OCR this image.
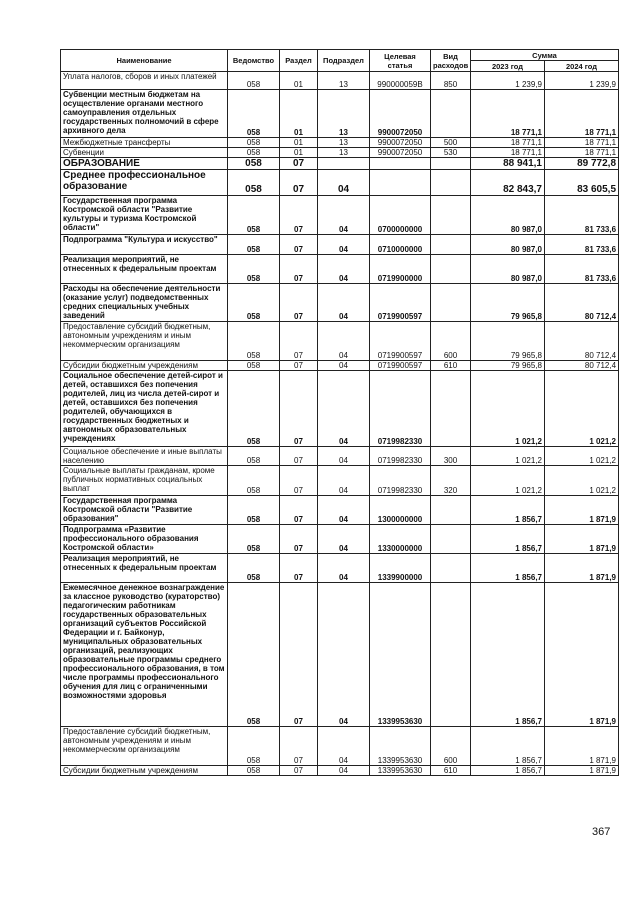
Наименование	Ведомство	Раздел	Подраздел	Целевая статья	Вид расходов	Сумма	
						2023 год	2024 год
Уплата налогов, сборов и иных платежей	058	01	13	990000059В	850	1 239,9	1 239,9
Субвенции местным бюджетам на осуществление органами местного самоуправления отдельных государственных полномочий в сфере архивного дела	058	01	13	9900072050		18 771,1	18 771,1
Межбюджетные трансферты	058	01	13	9900072050	500	18 771,1	18 771,1
Субвенции	058	01	13	9900072050	530	18 771,1	18 771,1
ОБРАЗОВАНИЕ	058	07				88 941,1	89 772,8
Среднее профессиональное образование	058	07	04			82 843,7	83 605,5
Государственная программа Костромской области "Развитие культуры и туризма Костромской области"	058	07	04	0700000000		80 987,0	81 733,6
Подпрограмма "Культура и искусство"	058	07	04	0710000000		80 987,0	81 733,6
Реализация мероприятий, не отнесенных к федеральным проектам	058	07	04	0719900000		80 987,0	81 733,6
Расходы на обеспечение деятельности (оказание услуг) подведомственных средних специальных учебных заведений	058	07	04	0719900597		79 965,8	80 712,4
Предоставление субсидий бюджетным, автономным учреждениям и иным некоммерческим организациям	058	07	04	0719900597	600	79 965,8	80 712,4
Субсидии бюджетным учреждениям	058	07	04	0719900597	610	79 965,8	80 712,4
Социальное обеспечение детей-сирот и детей, оставшихся без попечения родителей, лиц из числа детей-сирот и детей, оставшихся без попечения родителей, обучающихся в государственных бюджетных и автономных образовательных учреждениях	058	07	04	0719982330		1 021,2	1 021,2
Социальное обеспечение и иные выплаты населению	058	07	04	0719982330	300	1 021,2	1 021,2
Социальные выплаты гражданам, кроме публичных нормативных социальных выплат	058	07	04	0719982330	320	1 021,2	1 021,2
Государственная программа Костромской области "Развитие образования"	058	07	04	1300000000		1 856,7	1 871,9
Подпрограмма «Развитие профессионального образования Костромской области»	058	07	04	1330000000		1 856,7	1 871,9
Реализация мероприятий, не отнесенных к федеральным проектам	058	07	04	1339900000		1 856,7	1 871,9
Ежемесячное денежное вознаграждение за классное руководство (кураторство) педагогическим работникам государственных образовательных организаций субъектов Российской Федерации и г. Байконур, муниципальных образовательных организаций, реализующих образовательные программы среднего профессионального образования, в том числе программы профессионального обучения для лиц с ограниченными возможностями здоровья	058	07	04	1339953630		1 856,7	1 871,9
Предоставление субсидий бюджетным, автономным учреждениям и иным некоммерческим организациям	058	07	04	1339953630	600	1 856,7	1 871,9
Субсидии бюджетным учреждениям	058	07	04	1339953630	610	1 856,7	1 871,9
367
